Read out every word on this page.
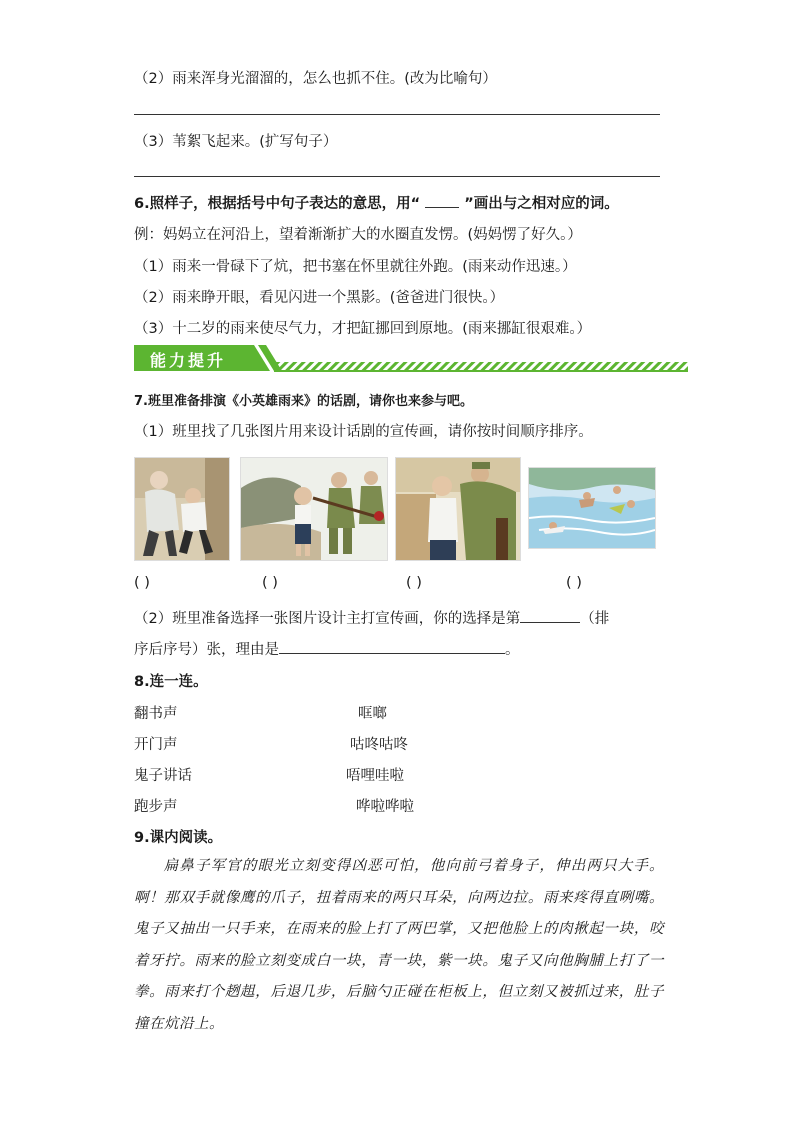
（2）雨来浑身光溜溜的，怎么也抓不住。(改为比喻句）
（3）苇絮飞起来。(扩写句子）
6.照样子，根据括号中句子表达的意思，用“	”画出与之相对应的词。
例：妈妈立在河沿上，望着渐渐扩大的水圈直发愣。(妈妈愣了好久。）
（1）雨来一骨碌下了炕，把书塞在怀里就往外跑。(雨来动作迅速。）
（2）雨来睁开眼，看见闪进一个黑影。(爸爸进门很快。）
（3）十二岁的雨来使尽气力，才把缸挪回到原地。(雨来挪缸很艰难。）
能力提升
7.班里准备排演《小英雄雨来》的话剧，请你也来参与吧。
（1）班里找了几张图片用来设计话剧的宣传画，请你按时间顺序排序。
( )	( )	( )	( )
（2）班里准备选择一张图片设计主打宣传画，你的选择是第	（排
序后序号）张，理由是	。
8.连一连。
翻书声
开门声
鬼子讲话
跑步声
哐啷
咕咚咕咚
唔哩哇啦
哗啦哗啦
9.课内阅读。
扁鼻子军官的眼光立刻变得凶恶可怕，他向前弓着身子，伸出两只大手。啊！那双手就像鹰的爪子，扭着雨来的两只耳朵，向两边拉。雨来疼得直咧嘴。鬼子又抽出一只手来，在雨来的脸上打了两巴掌，又把他脸上的肉揪起一块，咬着牙拧。雨来的脸立刻变成白一块，青一块，紫一块。鬼子又向他胸脯上打了一拳。雨来打个趔趄，后退几步，后脑勺正碰在柜板上，但立刻又被抓过来，肚子撞在炕沿上。
